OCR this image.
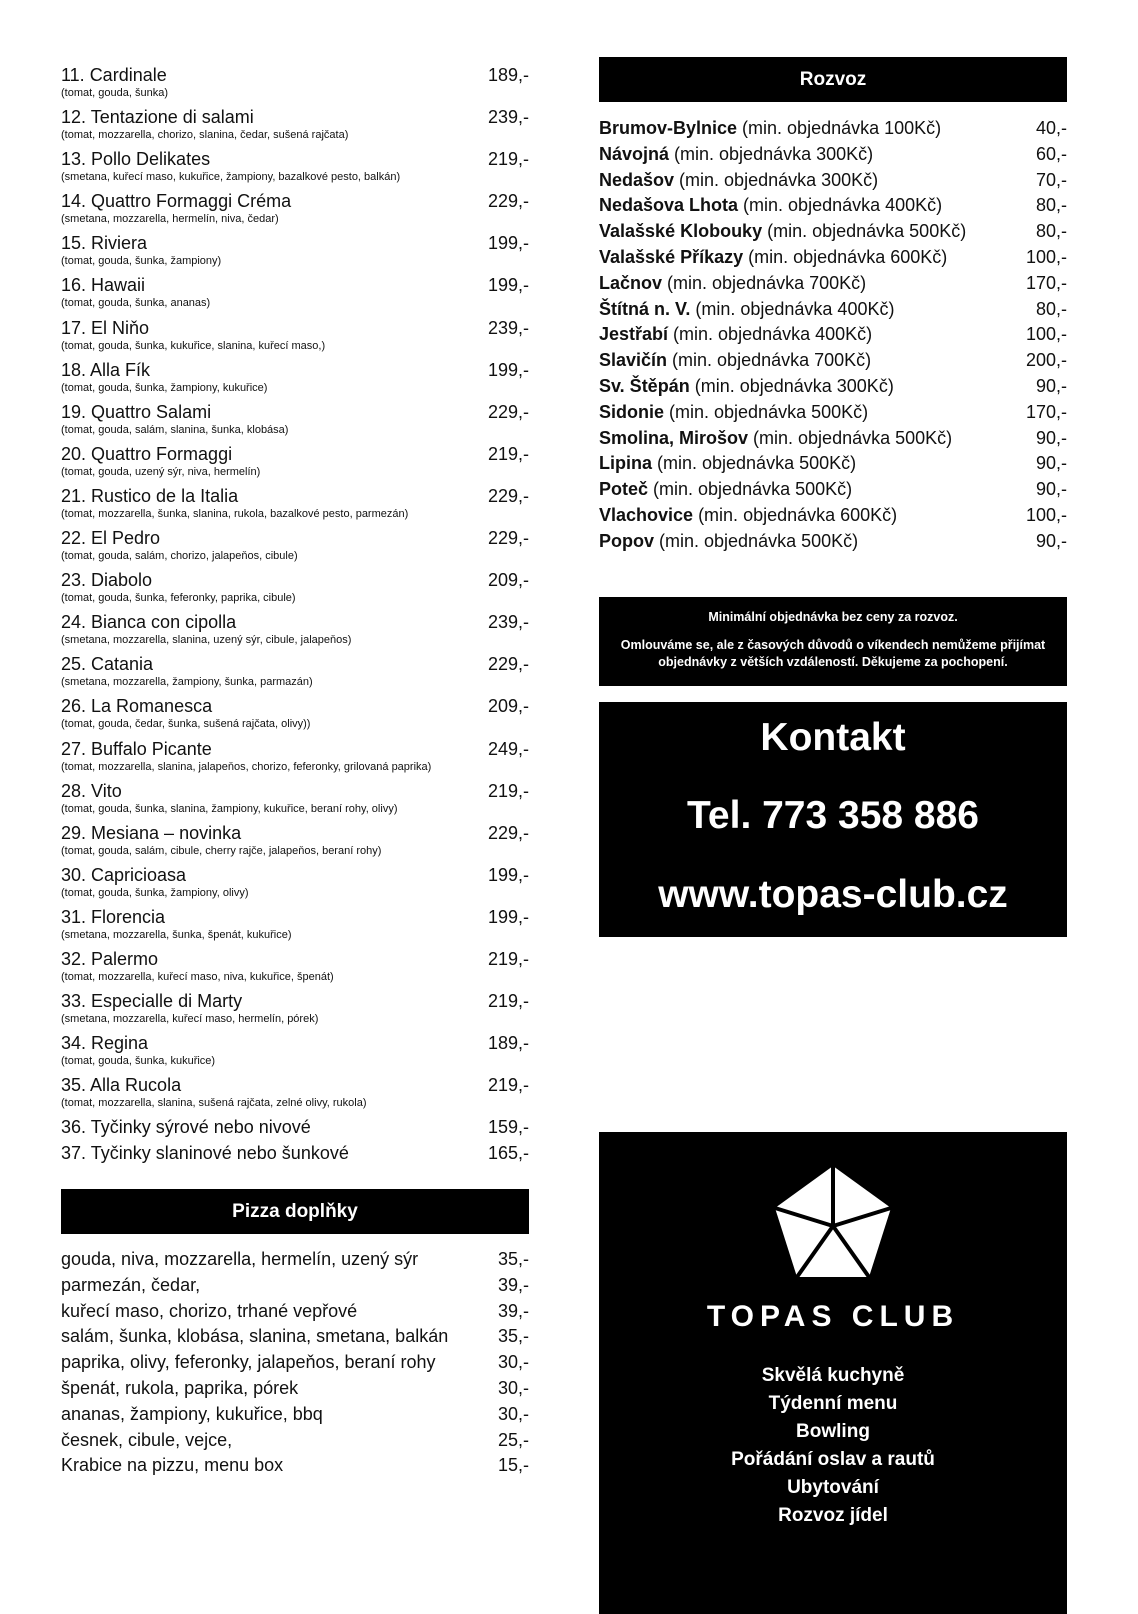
11. Cardinale	189,-
(tomat, gouda, šunka)
12. Tentazione di salami	239,-
(tomat, mozzarella, chorizo, slanina, čedar, sušená rajčata)
13. Pollo Delikates	219,-
(smetana, kuřecí maso, kukuřice, žampiony, bazalkové pesto, balkán)
14. Quattro Formaggi Créma	229,-
(smetana, mozzarella, hermelín, niva, čedar)
15. Riviera	199,-
(tomat, gouda, šunka, žampiony)
16. Hawaii	199,-
(tomat, gouda, šunka, ananas)
17. El Niňo	239,-
(tomat, gouda, šunka, kukuřice, slanina, kuřecí maso,)
18. Alla Fík	199,-
(tomat, gouda, šunka, žampiony, kukuřice)
19. Quattro Salami	229,-
(tomat, gouda, salám, slanina, šunka, klobása)
20. Quattro Formaggi	219,-
(tomat, gouda, uzený sýr, niva, hermelín)
21. Rustico de la Italia	229,-
(tomat, mozzarella, šunka, slanina, rukola, bazalkové pesto, parmezán)
22. El Pedro	229,-
(tomat, gouda, salám, chorizo, jalapeňos, cibule)
23. Diabolo	209,-
(tomat, gouda, šunka, feferonky, paprika, cibule)
24. Bianca con cipolla	239,-
(smetana, mozzarella, slanina, uzený sýr, cibule, jalapeňos)
25. Catania	229,-
(smetana, mozzarella, žampiony, šunka, parmazán)
26. La Romanesca	209,-
(tomat, gouda, čedar, šunka, sušená rajčata, olivy))
27. Buffalo Picante	249,-
(tomat, mozzarella, slanina, jalapeňos, chorizo, feferonky, grilovaná paprika)
28. Vito	219,-
(tomat, gouda, šunka, slanina, žampiony, kukuřice, beraní rohy, olivy)
29. Mesiana – novinka	229,-
(tomat, gouda, salám, cibule, cherry rajče, jalapeňos, beraní rohy)
30. Capricioasa	199,-
(tomat, gouda, šunka, žampiony, olivy)
31. Florencia	199,-
(smetana, mozzarella, šunka, špenát, kukuřice)
32. Palermo	219,-
(tomat, mozzarella, kuřecí maso, niva, kukuřice, špenát)
33. Especialle di Marty	219,-
(smetana, mozzarella, kuřecí maso, hermelín, pórek)
34. Regina	189,-
(tomat, gouda, šunka, kukuřice)
35. Alla Rucola	219,-
(tomat, mozzarella, slanina, sušená rajčata, zelné olivy, rukola)
36. Tyčinky sýrové nebo nivové	159,-
37. Tyčinky slaninové nebo šunkové	165,-
Pizza doplňky
gouda, niva, mozzarella, hermelín, uzený sýr	35,-
parmezán, čedar,	39,-
kuřecí maso, chorizo, trhané vepřové	39,-
salám, šunka, klobása, slanina, smetana, balkán	35,-
paprika, olivy, feferonky, jalapeňos, beraní rohy	30,-
špenát, rukola, paprika, pórek	30,-
ananas, žampiony, kukuřice, bbq	30,-
česnek, cibule, vejce,	25,-
Krabice na pizzu, menu box	15,-
Rozvoz
Brumov-Bylnice (min. objednávka 100Kč)	40,-
Návojná (min. objednávka 300Kč)	60,-
Nedašov (min. objednávka 300Kč)	70,-
Nedašova Lhota (min. objednávka 400Kč)	80,-
Valašské Klobouky (min. objednávka 500Kč)	80,-
Valašské Příkazy (min. objednávka 600Kč)	100,-
Lačnov (min. objednávka 700Kč)	170,-
Štítná n. V. (min. objednávka 400Kč)	80,-
Jestřabí (min. objednávka 400Kč)	100,-
Slavičín (min. objednávka 700Kč)	200,-
Sv. Štěpán (min. objednávka 300Kč)	90,-
Sidonie (min. objednávka 500Kč)	170,-
Smolina, Mirošov (min. objednávka 500Kč)	90,-
Lipina (min. objednávka 500Kč)	90,-
Poteč (min. objednávka 500Kč)	90,-
Vlachovice (min. objednávka 600Kč)	100,-
Popov (min. objednávka 500Kč)	90,-
Minimální objednávka bez ceny za rozvoz.
Omlouváme se, ale z časových důvodů o víkendech nemůžeme přijímat
objednávky z větších vzdáleností. Děkujeme za pochopení.
Kontakt
Tel. 773 358 886
www.topas-club.cz
TOPAS CLUB
Skvělá kuchyně
Týdenní menu
Bowling
Pořádání oslav a rautů
Ubytování
Rozvoz jídel
